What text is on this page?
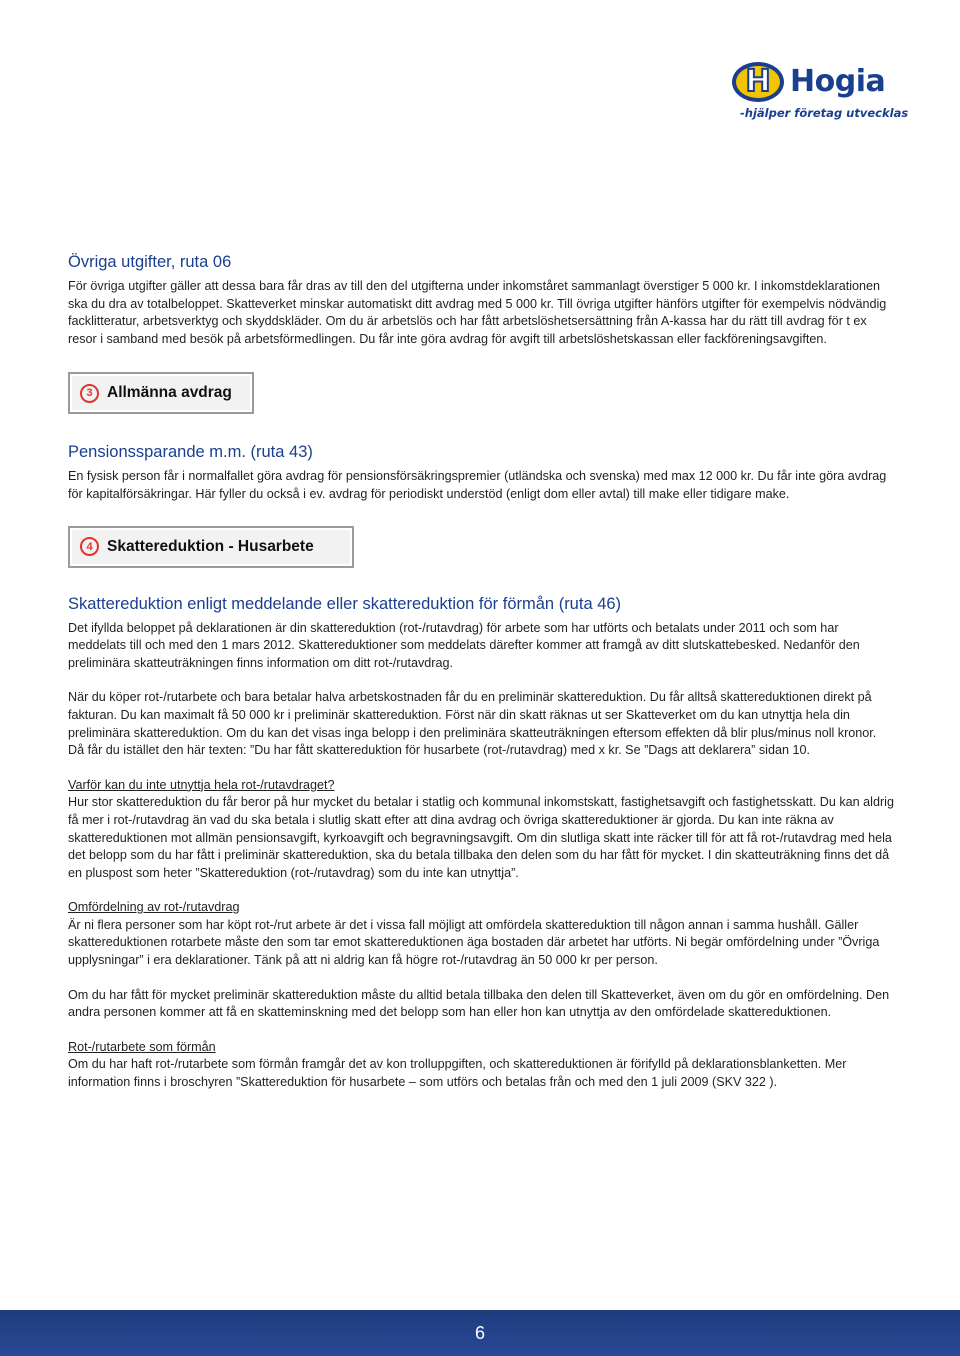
H Hogia
-hjälper företag utvecklas
Övriga utgifter, ruta 06

För övriga utgifter gäller att dessa bara får dras av till den del utgifterna under inkomståret sammanlagt överstiger 5 000 kr. I inkomstdeklarationen ska du dra av totalbeloppet. Skatteverket minskar automatiskt ditt avdrag med 5 000 kr. Till övriga utgifter hänförs utgifter för exempelvis nödvändig facklitteratur, arbetsverktyg och skyddskläder. Om du är arbetslös och har fått arbetslöshetsersättning från A-kassa har du rätt till avdrag för t ex resor i samband med besök på arbetsförmedlingen. Du får inte göra avdrag för avgift till arbetslöshetskassan eller fackföreningsavgiften.

3 Allmänna avdrag
Pensionssparande m.m. (ruta 43)

En fysisk person får i normalfallet göra avdrag för pensionsförsäkringspremier (utländska och svenska) med max 12 000 kr. Du får inte göra avdrag för kapitalförsäkringar. Här fyller du också i ev. avdrag för periodiskt understöd (enligt dom eller avtal) till make eller tidigare make.

4 Skattereduktion - Husarbete
Skattereduktion enligt meddelande eller skattereduktion för förmån (ruta 46)

Det ifyllda beloppet på deklarationen är din skattereduktion (rot-/rutavdrag) för arbete som har utförts och betalats under 2011 och som har meddelats till och med den 1 mars 2012. Skattereduktioner som meddelats därefter kommer att framgå av ditt slutskattebesked. Nedanför den preliminära skatteuträkningen finns information om ditt rot-/rutavdrag.

När du köper rot-/rutarbete och bara betalar halva arbetskostnaden får du en preliminär skattereduktion. Du får alltså skattereduktionen direkt på fakturan. Du kan maximalt få 50 000 kr i preliminär skattereduktion. Först när din skatt räknas ut ser Skatteverket om du kan utnyttja hela din preliminära skattereduktion. Om du kan det visas inga belopp i den preliminära skatteuträkningen eftersom effekten då blir plus/minus noll kronor. Då får du istället den här texten: ”Du har fått skattereduktion för husarbete (rot-/rutavdrag) med x kr. Se ”Dags att deklarera” sidan 10.

Varför kan du inte utnyttja hela rot-/rutavdraget?

Hur stor skattereduktion du får beror på hur mycket du betalar i statlig och kommunal inkomstskatt, fastighetsavgift och fastighetsskatt. Du kan aldrig få mer i rot-/rutavdrag än vad du ska betala i slutlig skatt efter att dina avdrag och övriga skattereduktioner är gjorda. Du kan inte räkna av skattereduktionen mot allmän pensionsavgift, kyrkoavgift och begravningsavgift. Om din slutliga skatt inte räcker till för att få rot-/rutavdrag med hela det belopp som du har fått i preliminär skattereduktion, ska du betala tillbaka den delen som du har fått för mycket. I din skatteuträkning finns det då en pluspost som heter ”Skattereduktion (rot-/rutavdrag) som du inte kan utnyttja”.

Omfördelning av rot-/rutavdrag

Är ni flera personer som har köpt rot-/rut arbete är det i vissa fall möjligt att omfördela skattereduktion till någon annan i samma hushåll. Gäller skattereduktionen rotarbete måste den som tar emot skattereduktionen äga bostaden där arbetet har utförts. Ni begär omfördelning under ”Övriga upplysningar” i era deklarationer. Tänk på att ni aldrig kan få högre rot-/rutavdrag än 50 000 kr per person.

Om du har fått för mycket preliminär skattereduktion måste du alltid betala tillbaka den delen till Skatteverket, även om du gör en omfördelning. Den andra personen kommer att få en skatteminskning med det belopp som han eller hon kan utnyttja av den omfördelade skattereduktionen.

Rot-/rutarbete som förmån

Om du har haft rot-/rutarbete som förmån framgår det av kon trolluppgiften, och skattereduktionen är förifylld på deklarationsblanketten. Mer information finns i broschyren ”Skattereduktion för husarbete – som utförs och betalas från och med den 1 juli 2009 (SKV 322 ).

6
